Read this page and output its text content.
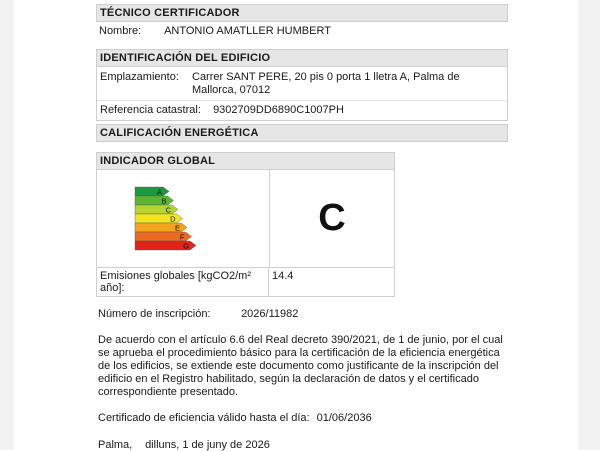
TÉCNICO CERTIFICADOR
Nombre: ANTONIO AMATLLER HUMBERT
IDENTIFICACIÓN DEL EDIFICIO
Emplazamiento:	Carrer SANT PERE, 20 pis 0 porta 1 lletra A, Palma de Mallorca, 07012
Referencia catastral: 9302709DD6890C1007PH
CALIFICACIÓN ENERGÉTICA
INDICADOR GLOBAL
A
B
C
D
E
F
G
C
Emisiones globales [kgCO2/m² año]:
14.4
Número de inscripción:	2026/11982
De acuerdo con el artículo 6.6 del Real decreto 390/2021, de 1 de junio, por el cual se aprueba el procedimiento básico para la certificación de la eficiencia energética de los edificios, se extiende este documento como justificante de la inscripción del edificio en el Registro habilitado, según la declaración de datos y el certificado correspondiente presentado.
Certificado de eficiencia válido hasta el día: 01/06/2036
Palma, dilluns, 1 de juny de 2026
